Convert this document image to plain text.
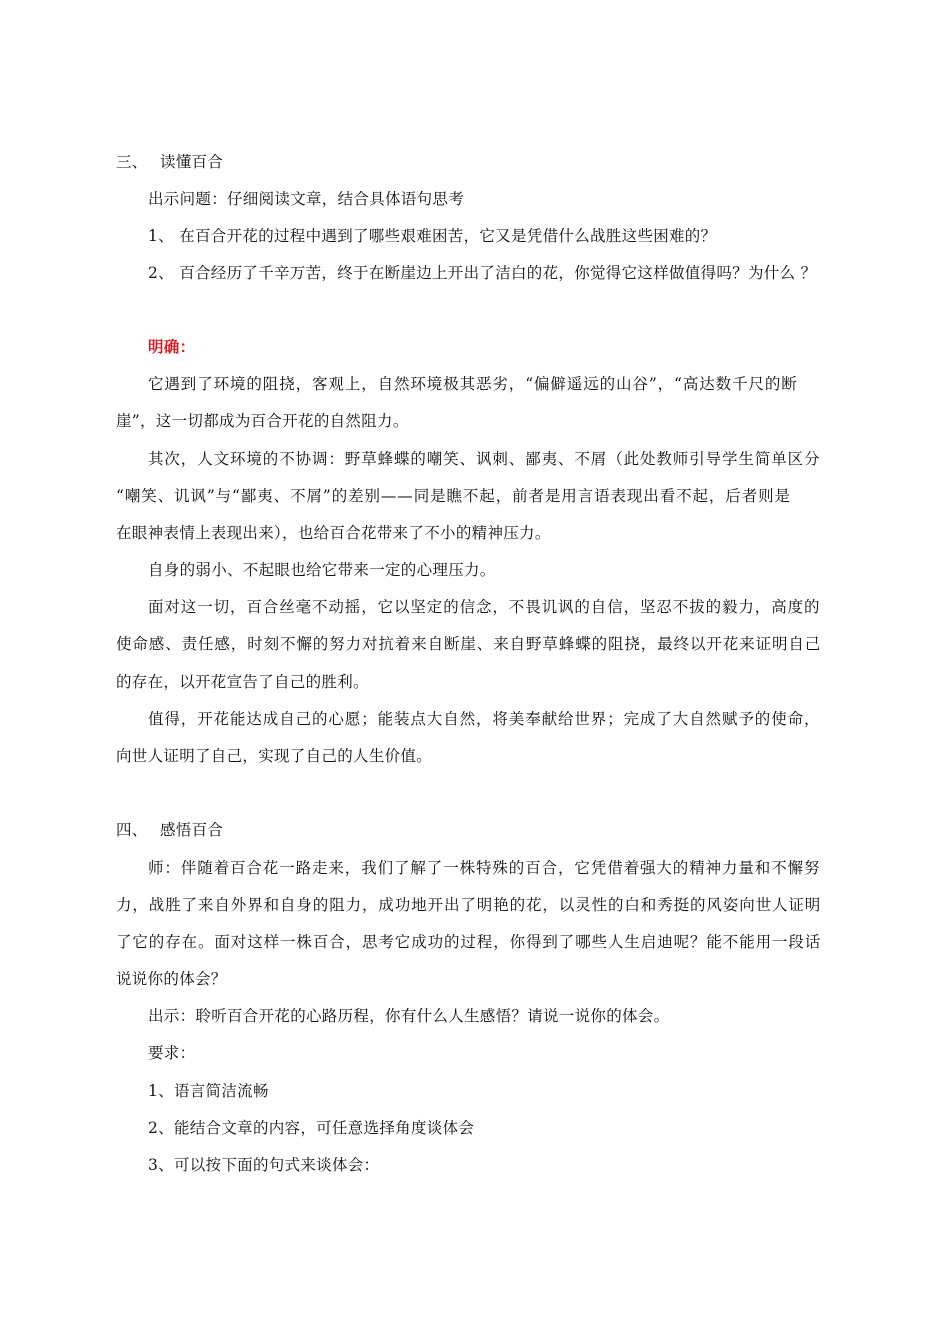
三、 读懂百合
出示问题：仔细阅读文章，结合具体语句思考
1、 在百合开花的过程中遇到了哪些艰难困苦，它又是凭借什么战胜这些困难的？
2、 百合经历了千辛万苦，终于在断崖边上开出了洁白的花，你觉得它这样做值得吗？为什么 ？
明确：
它遇到了环境的阻挠，客观上，自然环境极其恶劣，“偏僻遥远的山谷”，“高达数千尺的断
崖”，这一切都成为百合开花的自然阻力。
其次，人文环境的不协调：野草蜂蝶的嘲笑、讽刺、鄙夷、不屑（此处教师引导学生简单区分
“嘲笑、讥讽”与“鄙夷、不屑”的差别——同是瞧不起，前者是用言语表现出看不起，后者则是
在眼神表情上表现出来），也给百合花带来了不小的精神压力。
自身的弱小、不起眼也给它带来一定的心理压力。
面对这一切，百合丝毫不动摇，它以坚定的信念，不畏讥讽的自信，坚忍不拔的毅力，高度的
使命感、责任感，时刻不懈的努力对抗着来自断崖、来自野草蜂蝶的阻挠，最终以开花来证明自己
的存在，以开花宣告了自己的胜利。
值得，开花能达成自己的心愿；能装点大自然，将美奉献给世界；完成了大自然赋予的使命，
向世人证明了自己，实现了自己的人生价值。
四、 感悟百合
师：伴随着百合花一路走来，我们了解了一株特殊的百合，它凭借着强大的精神力量和不懈努
力，战胜了来自外界和自身的阻力，成功地开出了明艳的花，以灵性的白和秀挺的风姿向世人证明
了它的存在。面对这样一株百合，思考它成功的过程，你得到了哪些人生启迪呢？能不能用一段话
说说你的体会？
出示：聆听百合开花的心路历程，你有什么人生感悟？请说一说你的体会。
要求：
1、语言简洁流畅
2、能结合文章的内容，可任意选择角度谈体会
3、可以按下面的句式来谈体会：
